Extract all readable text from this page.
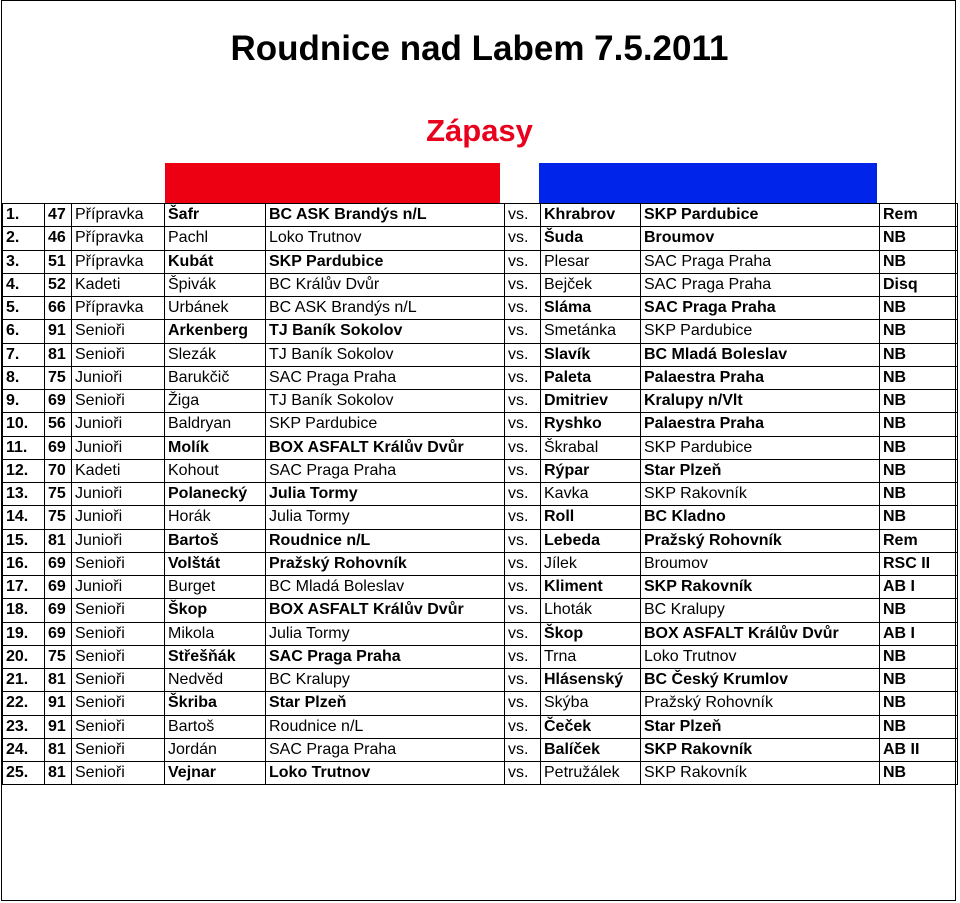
Roudnice nad Labem 7.5.2011
Zápasy
1.	47	Přípravka	Šafr	BC ASK Brandýs n/L	vs.	Khrabrov	SKP Pardubice	Rem
2.	46	Přípravka	Pachl	Loko Trutnov	vs.	Šuda	Broumov	NB
3.	51	Přípravka	Kubát	SKP Pardubice	vs.	Plesar	SAC Praga Praha	NB
4.	52	Kadeti	Špivák	BC Králův Dvůr	vs.	Bejček	SAC Praga Praha	Disq
5.	66	Přípravka	Urbánek	BC ASK Brandýs n/L	vs.	Sláma	SAC Praga Praha	NB
6.	91	Senioři	Arkenberg	TJ Baník Sokolov	vs.	Smetánka	SKP Pardubice	NB
7.	81	Senioři	Slezák	TJ Baník Sokolov	vs.	Slavík	BC Mladá Boleslav	NB
8.	75	Junioři	Barukčič	SAC Praga Praha	vs.	Paleta	Palaestra Praha	NB
9.	69	Senioři	Žiga	TJ Baník Sokolov	vs.	Dmitriev	Kralupy n/Vlt	NB
10.	56	Junioři	Baldryan	SKP Pardubice	vs.	Ryshko	Palaestra Praha	NB
11.	69	Junioři	Molík	BOX ASFALT Králův Dvůr	vs.	Škrabal	SKP Pardubice	NB
12.	70	Kadeti	Kohout	SAC Praga Praha	vs.	Rýpar	Star Plzeň	NB
13.	75	Junioři	Polanecký	Julia Tormy	vs.	Kavka	SKP Rakovník	NB
14.	75	Junioři	Horák	Julia Tormy	vs.	Roll	BC Kladno	NB
15.	81	Junioři	Bartoš	Roudnice n/L	vs.	Lebeda	Pražský Rohovník	Rem
16.	69	Senioři	Volštát	Pražský Rohovník	vs.	Jílek	Broumov	RSC II
17.	69	Junioři	Burget	BC Mladá Boleslav	vs.	Kliment	SKP Rakovník	AB I
18.	69	Senioři	Škop	BOX ASFALT Králův Dvůr	vs.	Lhoták	BC Kralupy	NB
19.	69	Senioři	Mikola	Julia Tormy	vs.	Škop	BOX ASFALT Králův Dvůr	AB I
20.	75	Senioři	Střešňák	SAC Praga Praha	vs.	Trna	Loko Trutnov	NB
21.	81	Senioři	Nedvěd	BC Kralupy	vs.	Hlásenský	BC Český Krumlov	NB
22.	91	Senioři	Škriba	Star Plzeň	vs.	Skýba	Pražský Rohovník	NB
23.	91	Senioři	Bartoš	Roudnice n/L	vs.	Čeček	Star Plzeň	NB
24.	81	Senioři	Jordán	SAC Praga Praha	vs.	Balíček	SKP Rakovník	AB II
25.	81	Senioři	Vejnar	Loko Trutnov	vs.	Petružálek	SKP Rakovník	NB
